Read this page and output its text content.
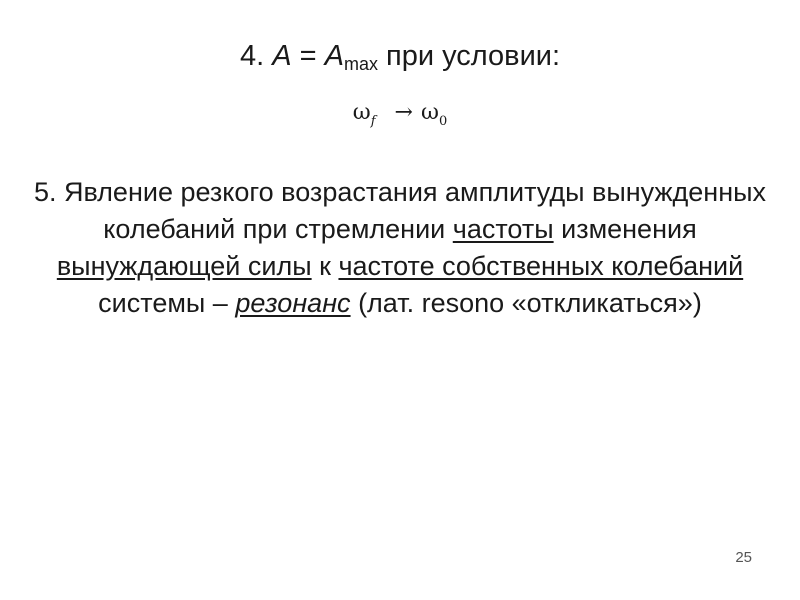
4. $A = A_{max}$ при условии:
$\omega_f \to \omega_0$
5. Явление резкого возрастания амплитуды вынужденных
колебаний при стремлении частоты изменения
вынуждающей силы к частоте собственных колебаний
системы – резонанс (лат. resono «откликаться»)
25
